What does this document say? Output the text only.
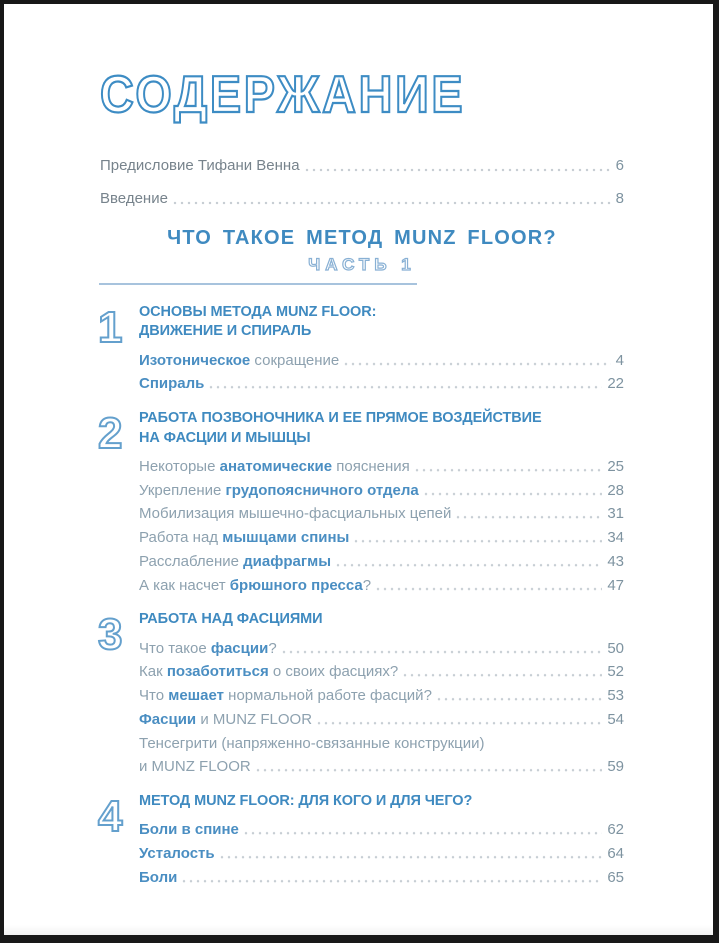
СОДЕРЖАНИЕ
Предисловие Тифани Венна	6
Введение	8
ЧТО ТАКОЕ МЕТОД MUNZ FLOOR?
ЧАСТЬ 1
1 ОСНОВЫ МЕТОДА MUNZ FLOOR:
ДВИЖЕНИЕ И СПИРАЛЬ
Изотоническое сокращение	4
Спираль	22
2 РАБОТА ПОЗВОНОЧНИКА И ЕЕ ПРЯМОЕ ВОЗДЕЙСТВИЕ
НА ФАСЦИИ И МЫШЦЫ
Некоторые анатомические пояснения	25
Укрепление грудопоясничного отдела	28
Мобилизация мышечно-фасциальных цепей	31
Работа над мышцами спины	34
Расслабление диафрагмы	43
А как насчет брюшного пресса?	47
3 РАБОТА НАД ФАСЦИЯМИ
Что такое фасции?	50
Как позаботиться о своих фасциях?	52
Что мешает нормальной работе фасций?	53
Фасции и MUNZ FLOOR	54
Тенсегрити (напряженно-связанные конструкции)
и MUNZ FLOOR	59
4 МЕТОД MUNZ FLOOR: ДЛЯ КОГО И ДЛЯ ЧЕГО?
Боли в спине	62
Усталость	64
Боли	65
